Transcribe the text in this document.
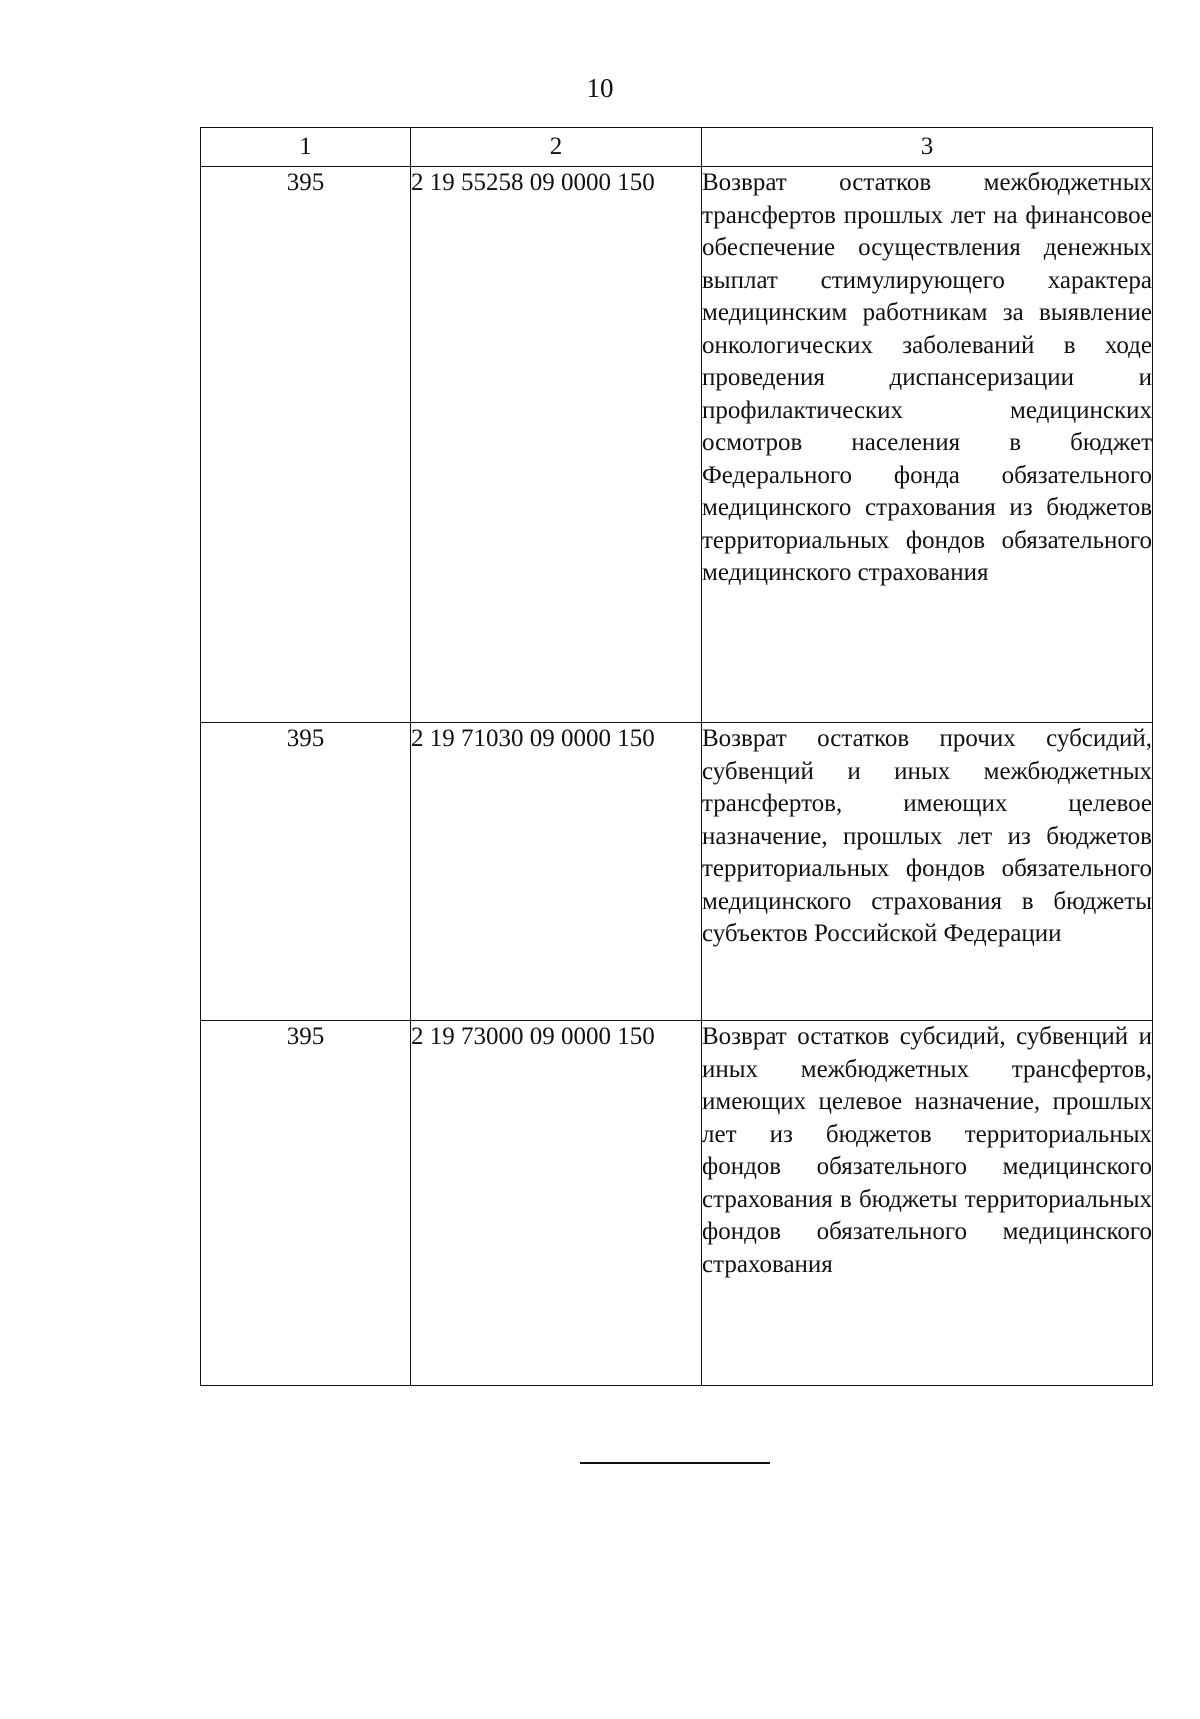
10
1	2	3
395	2 19 55258 09 0000 150	Возврат остатков межбюджетных трансфертов прошлых лет на финансовое обеспечение осуществления денежных выплат стимулирующего характера медицинским работникам за выявление онкологических заболеваний в ходе проведения диспансеризации и профилактических медицинских осмотров населения в бюджет Федерального фонда обязательного медицинского страхования из бюджетов территориальных фондов обязательного медицинского страхования
395	2 19 71030 09 0000 150	Возврат остатков прочих субсидий, субвенций и иных межбюджетных трансфертов, имеющих целевое назначение, прошлых лет из бюджетов территориальных фондов обязательного медицинского страхования в бюджеты субъектов Российской Федерации
395	2 19 73000 09 0000 150	Возврат остатков субсидий, субвенций и иных межбюджетных трансфертов, имеющих целевое назначение, прошлых лет из бюджетов территориальных фондов обязательного медицинского страхования в бюджеты территориальных фондов обязательного медицинского страхования
